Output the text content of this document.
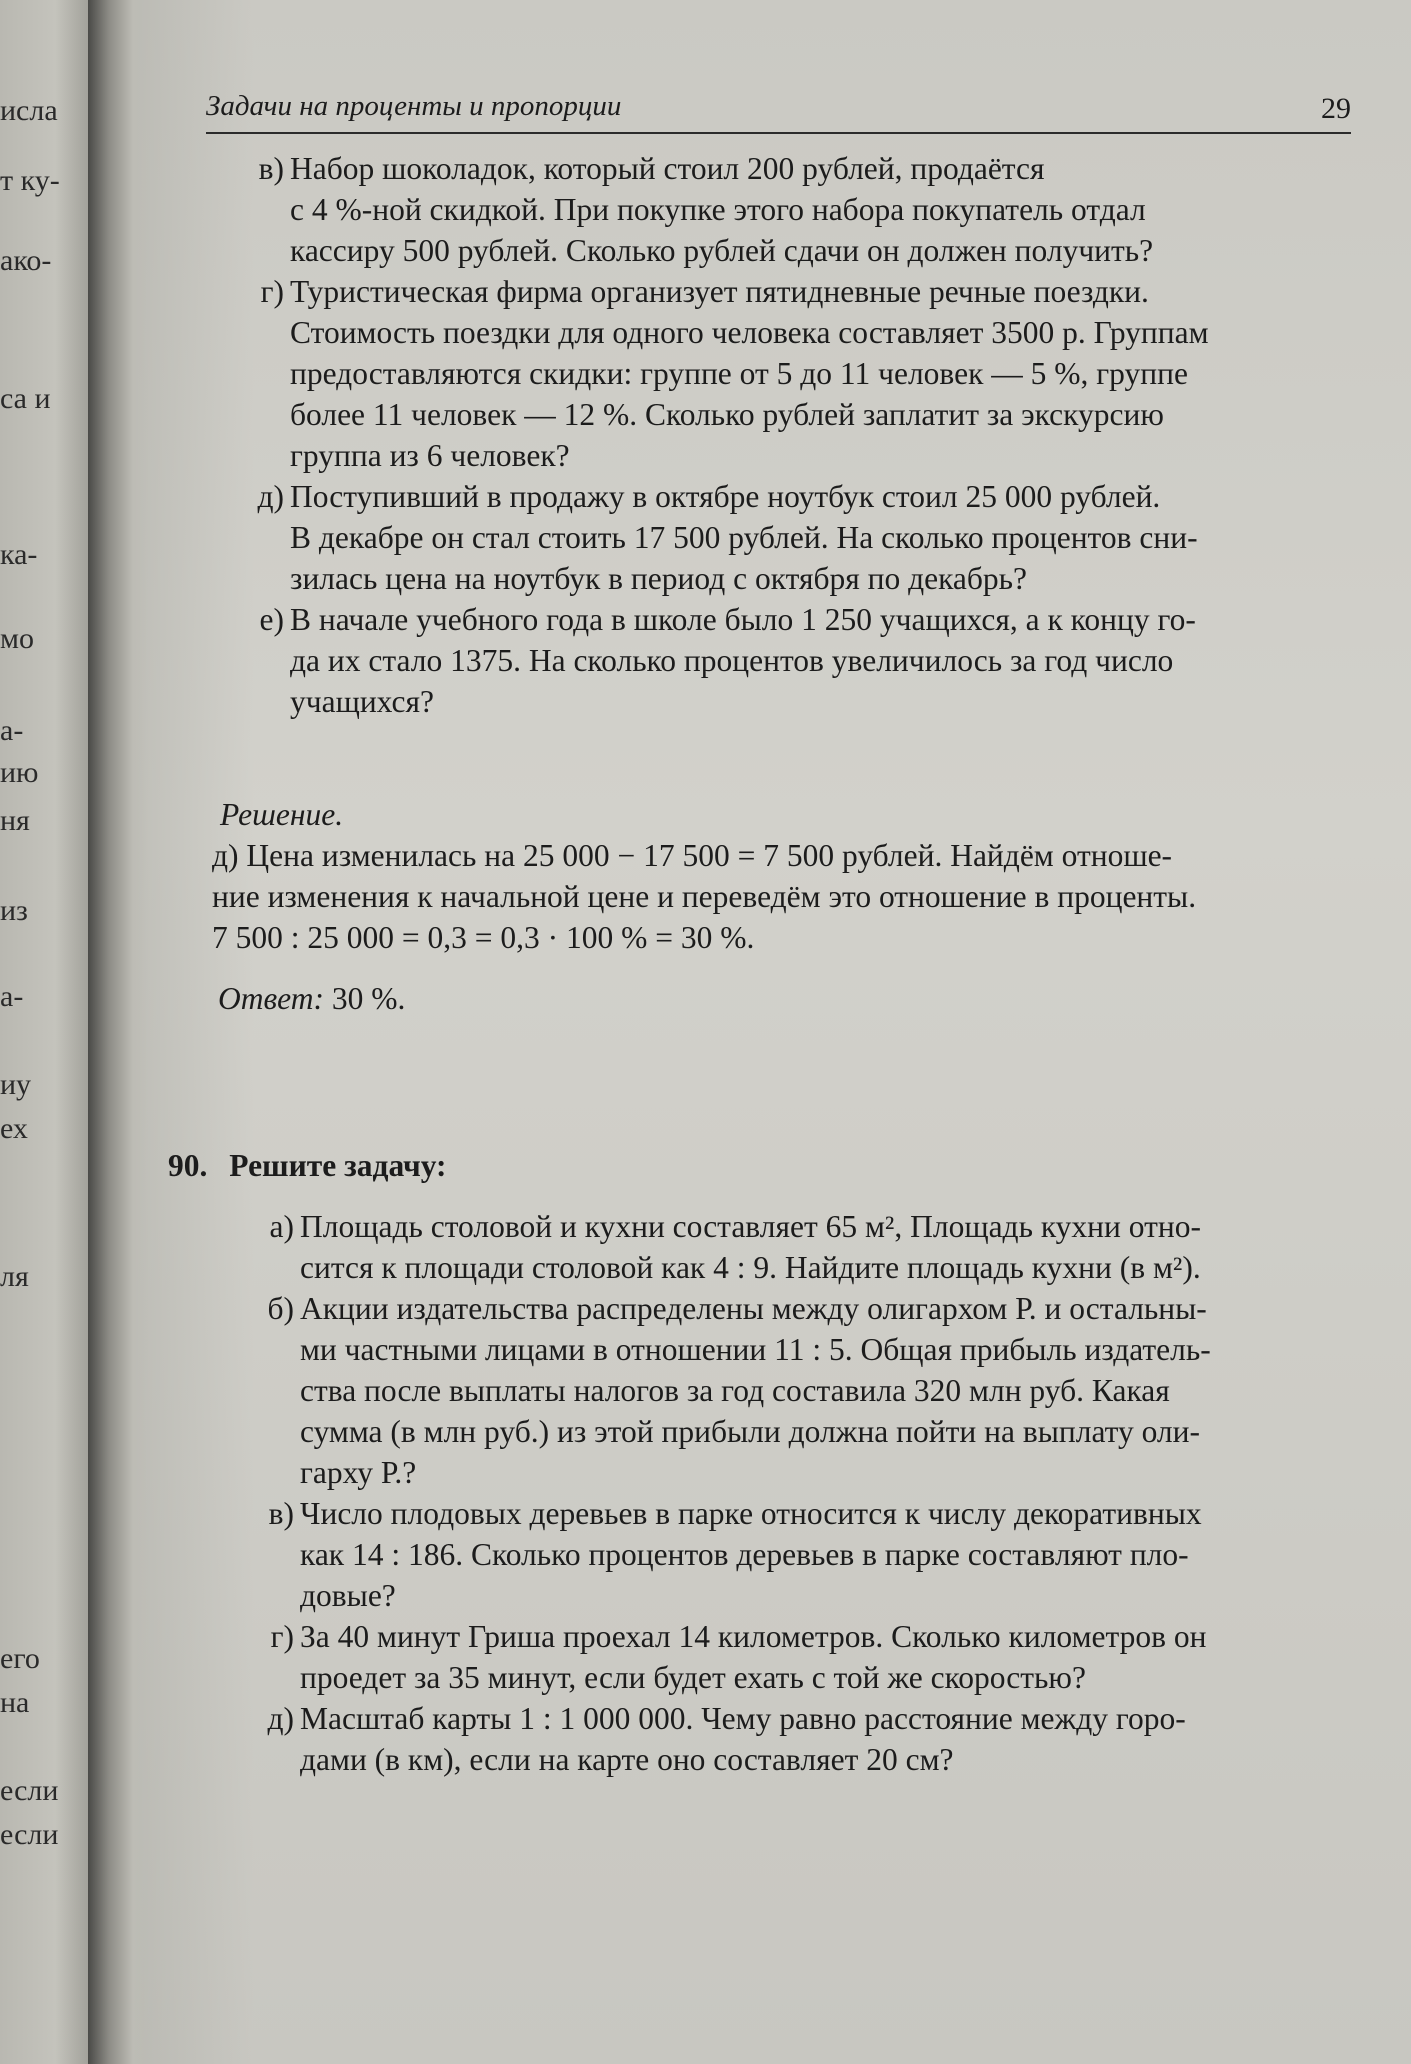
исла
т ку-
ако-
са и
ка-
мо
а-
ию
ня
из
а-
иу
ех
ля
его
на
если
если
Задачи на проценты и пропорции	29
в) Набор шоколадок, который стоил 200 рублей, продаётся
с 4 %-ной скидкой. При покупке этого набора покупатель отдал
кассиру 500 рублей. Сколько рублей сдачи он должен получить?
г) Туристическая фирма организует пятидневные речные поездки.
Стоимость поездки для одного человека составляет 3500 р. Группам
предоставляются скидки: группе от 5 до 11 человек — 5 %, группе
более 11 человек — 12 %. Сколько рублей заплатит за экскурсию
группа из 6 человек?
д) Поступивший в продажу в октябре ноутбук стоил 25 000 рублей.
В декабре он стал стоить 17 500 рублей. На сколько процентов сни-
зилась цена на ноутбук в период с октября по декабрь?
е) В начале учебного года в школе было 1 250 учащихся, а к концу го-
да их стало 1375. На сколько процентов увеличилось за год число
учащихся?
Решение.
д) Цена изменилась на 25 000 − 17 500 = 7 500 рублей. Найдём отноше-
ние изменения к начальной цене и переведём это отношение в проценты.
7 500 : 25 000 = 0,3 = 0,3 · 100 % = 30 %.
Ответ: 30 %.
90. Решите задачу:
а) Площадь столовой и кухни составляет 65 м², Площадь кухни отно-
сится к площади столовой как 4 : 9. Найдите площадь кухни (в м²).
б) Акции издательства распределены между олигархом Р. и остальны-
ми частными лицами в отношении 11 : 5. Общая прибыль издатель-
ства после выплаты налогов за год составила 320 млн руб. Какая
сумма (в млн руб.) из этой прибыли должна пойти на выплату оли-
гарху Р.?
в) Число плодовых деревьев в парке относится к числу декоративных
как 14 : 186. Сколько процентов деревьев в парке составляют пло-
довые?
г) За 40 минут Гриша проехал 14 километров. Сколько километров он
проедет за 35 минут, если будет ехать с той же скоростью?
д) Масштаб карты 1 : 1 000 000. Чему равно расстояние между горо-
дами (в км), если на карте оно составляет 20 см?
